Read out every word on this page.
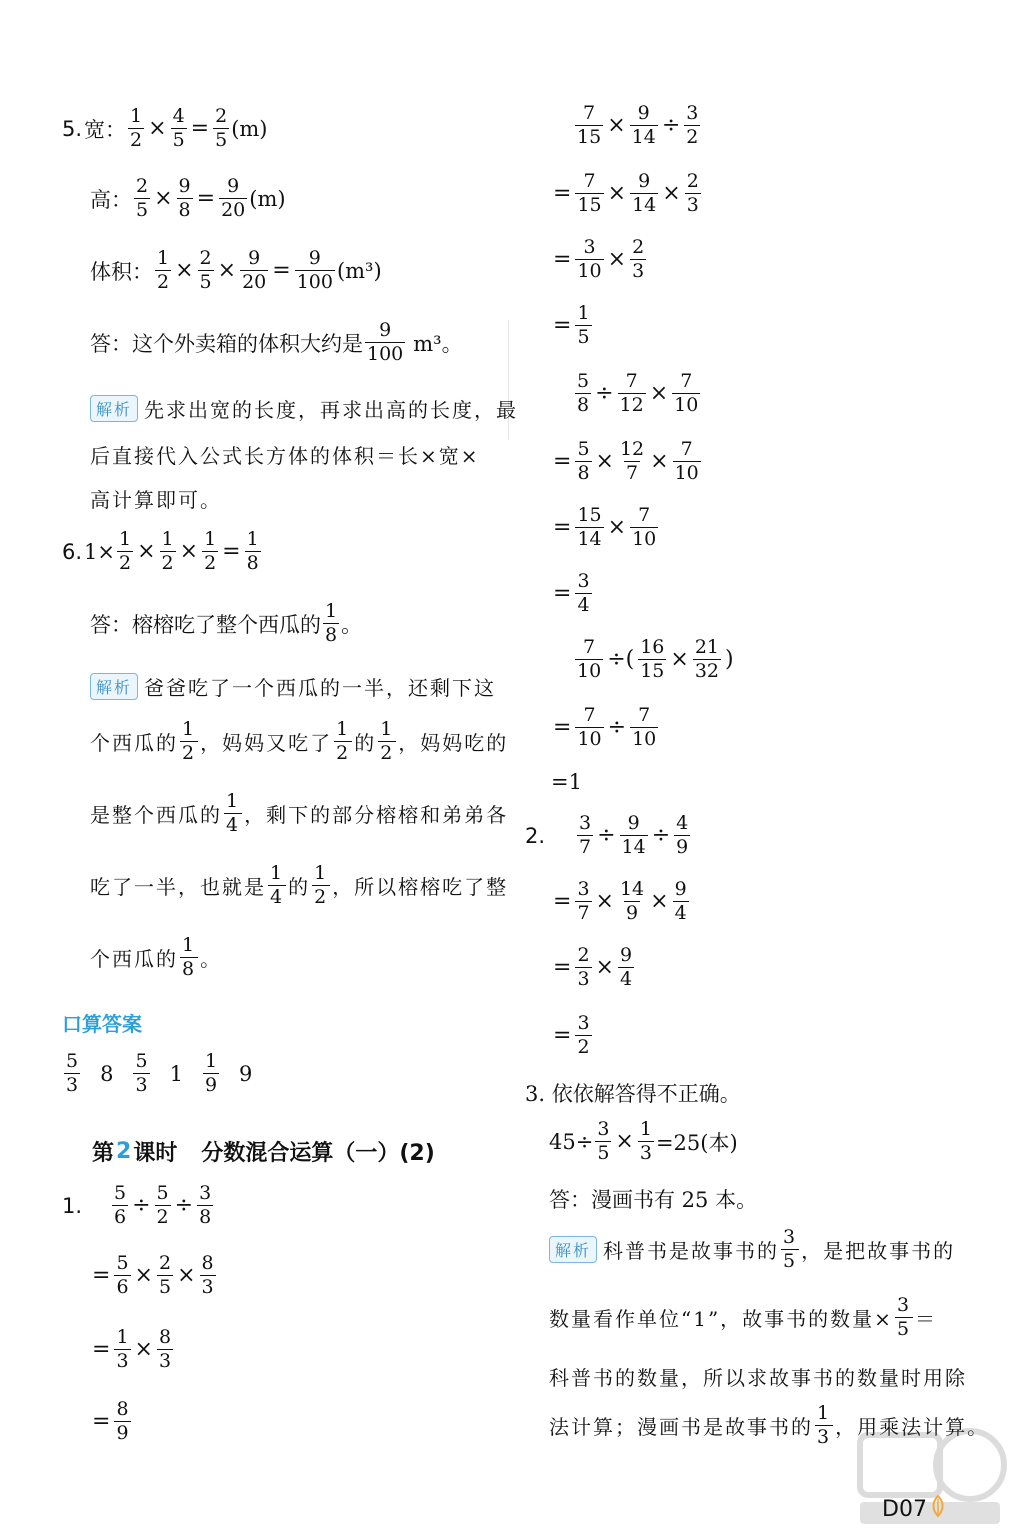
5. 宽： $\frac{1}{2} \times \frac{4}{5} = \frac{2}{5} (m)$
高： $\frac{2}{5} \times \frac{9}{8} = \frac{9}{20} (m)$
体积： $\frac{1}{2} \times \frac{2}{5} \times \frac{9}{20} = \frac{9}{100} (m^3)$
答：这个外卖箱的体积大约是 $\frac{9}{100} m^3$。
解析 先求出宽的长度，再求出高的长度，最
后直接代入公式长方体的体积＝长×宽×
高计算即可。
6. $1\times \frac{1}{2} \times \frac{1}{2} \times \frac{1}{2} = \frac{1}{8}$
答：榕榕吃了整个西瓜的 $\frac{1}{8}$ 。
解析 爸爸吃了一个西瓜的一半，还剩下这
个西瓜的 $\frac{1}{2}$ ，妈妈又吃了 $\frac{1}{2}$ 的 $\frac{1}{2}$ ，妈妈吃的
是整个西瓜的 $\frac{1}{4}$ ，剩下的部分榕榕和弟弟各
吃了一半，也就是 $\frac{1}{4}$ 的 $\frac{1}{2}$ ，所以榕榕吃了整
个西瓜的 $\frac{1}{8}$ 。
口算答案
$\frac{5}{3} 8 \frac{5}{3} 1 \frac{1}{9} 9$
第 2 课时 分数混合运算（一）(2)
1.	$\frac{5}{6} \div \frac{5}{2} \div \frac{3}{8}$
= $\frac{5}{6} \times \frac{2}{5} \times \frac{8}{3}$
= $\frac{1}{3} \times \frac{8}{3}$
= $\frac{8}{9}$
$\frac{7}{15} \times \frac{9}{14} \div \frac{3}{2}$
= $\frac{7}{15} \times \frac{9}{14} \times \frac{2}{3}$
= $\frac{3}{10} \times \frac{2}{3}$
= $\frac{1}{5}$
$\frac{5}{8} \div \frac{7}{12} \times \frac{7}{10}$
= $\frac{5}{8} \times \frac{12}{7} \times \frac{7}{10}$
= $\frac{15}{14} \times \frac{7}{10}$
= $\frac{3}{4}$
$\frac{7}{10}$ ÷( $\frac{16}{15} \times \frac{21}{32}$ )
= $\frac{7}{10} \div \frac{7}{10}$
=1
2.	$\frac{3}{7} \div \frac{9}{14} \div \frac{4}{9}$
= $\frac{3}{7} \times \frac{14}{9} \times \frac{9}{4}$
= $\frac{2}{3} \times \frac{9}{4}$
= $\frac{3}{2}$
3. 依依解答得不正确。
$45\div \frac{3}{5} \times \frac{1}{3} =25$(本)
答：漫画书有 25 本。
解析 科普书是故事书的 $\frac{3}{5}$ ，是把故事书的
数量看作单位“1”，故事书的数量× $\frac{3}{5}$ ＝
科普书的数量，所以求故事书的数量时用除
法计算；漫画书是故事书的 $\frac{1}{3}$ ，用乘法计算。
D07
